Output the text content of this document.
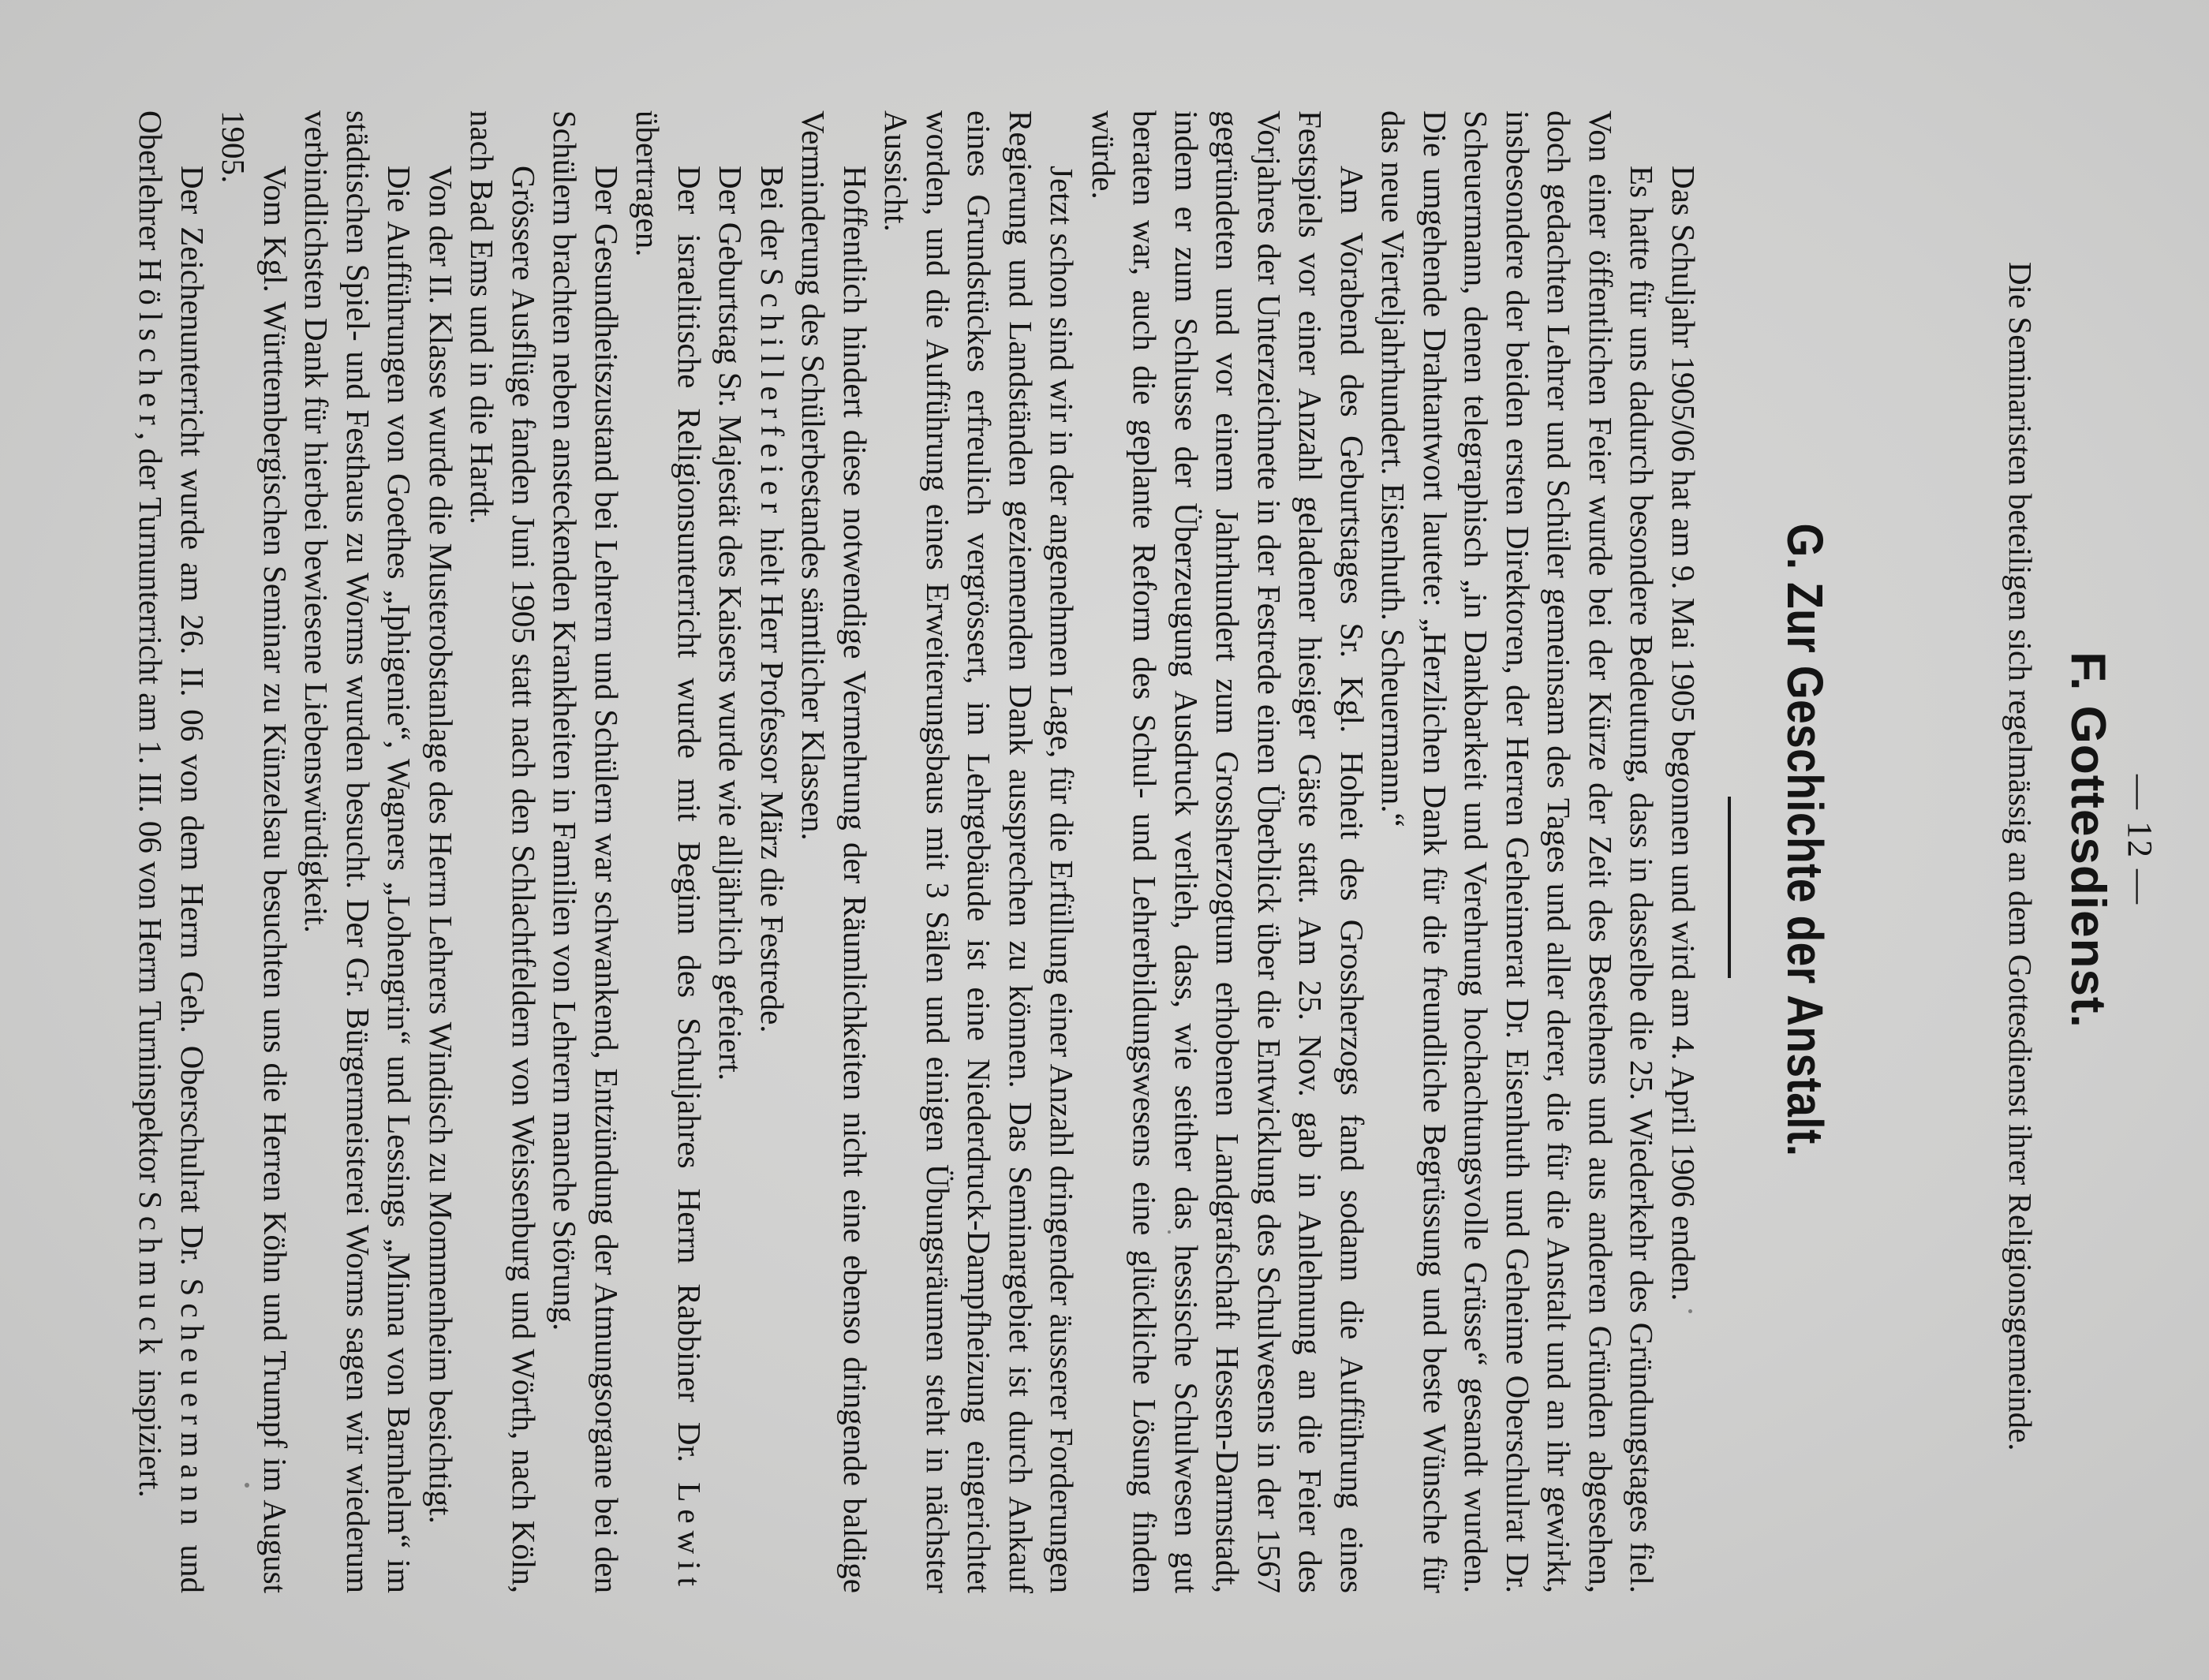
— 12 —
F. Gottesdienst.

Die Seminaristen beteiligen sich regelmässig an dem Gottesdienst ihrer Religionsgemeinde.

G. Zur Geschichte der Anstalt.

Das Schuljahr 1905/06 hat am 9. Mai 1905 begonnen und wird am 4. April 1906 enden.

Es hatte für uns dadurch besondere Bedeutung, dass in dasselbe die 25. Wiederkehr des Gründungstages fiel. Von einer öffentlichen Feier wurde bei der Kürze der Zeit des Bestehens und aus anderen Gründen abgesehen, doch gedachten Lehrer und Schüler gemeinsam des Tages und aller derer, die für die Anstalt und an ihr gewirkt, insbesondere der beiden ersten Direktoren, der Herren Geheimerat Dr. Eisenhuth und Geheime Oberschulrat Dr. Scheuermann, denen telegraphisch „in Dankbarkeit und Verehrung hochachtungsvolle Grüsse“ gesandt wurden. Die umgehende Drahtantwort lautete: „Herzlichen Dank für die freundliche Begrüssung und beste Wünsche für das neue Vierteljahrhundert. Eisenhuth. Scheuermann.“

Am Vorabend des Geburtstages Sr. Kgl. Hoheit des Grossherzogs fand sodann die Aufführung eines Festspiels vor einer Anzahl geladener hiesiger Gäste statt. Am 25. Nov. gab in Anlehnung an die Feier des Vorjahres der Unterzeichnete in der Festrede einen Überblick über die Entwicklung des Schulwesens in der 1567 gegründeten und vor einem Jahrhundert zum Grossherzogtum erhobenen Landgrafschaft Hessen-Darmstadt, indem er zum Schlusse der Überzeugung Ausdruck verlieh, dass, wie seither das hessische Schulwesen gut beraten war, auch die geplante Reform des Schul- und Lehrerbildungswesens eine glückliche Lösung finden würde.

Jetzt schon sind wir in der angenehmen Lage, für die Erfüllung einer Anzahl dringender äusserer Forderungen Regierung und Landständen geziemenden Dank aussprechen zu können. Das Seminargebiet ist durch Ankauf eines Grundstückes erfreulich vergrössert, im Lehrgebäude ist eine Niederdruck-Dampfheizung eingerichtet worden, und die Aufführung eines Erweiterungsbaus mit 3 Sälen und einigen Übungsräumen steht in nächster Aussicht.

Hoffentlich hindert diese notwendige Vermehrung der Räumlichkeiten nicht eine ebenso dringende baldige Verminderung des Schülerbestandes sämtlicher Klassen.

Bei der Schillerfeier hielt Herr Professor März die Festrede.

Der Geburtstag Sr. Majestät des Kaisers wurde wie alljährlich gefeiert.

Der israelitische Religionsunterricht wurde mit Beginn des Schuljahres Herrn Rabbiner Dr. Lewit übertragen.

Der Gesundheitszustand bei Lehrern und Schülern war schwankend, Entzündung der Atmungsorgane bei den Schülern brachten neben ansteckenden Krankheiten in Familien von Lehrern manche Störung.

Grössere Ausflüge fanden Juni 1905 statt nach den Schlachtfeldern von Weissenburg und Wörth, nach Köln, nach Bad Ems und in die Hardt.

Von der II. Klasse wurde die Musterobstanlage des Herrn Lehrers Windisch zu Mommenheim besichtigt.

Die Aufführungen von Goethes „Iphigenie“, Wagners „Lohengrin“ und Lessings „Minna von Barnhelm“ im städtischen Spiel- und Festhaus zu Worms wurden besucht. Der Gr. Bürgermeisterei Worms sagen wir wiederum verbindlichsten Dank für hierbei bewiesene Liebenswürdigkeit.

Vom Kgl. Württembergischen Seminar zu Künzelsau besuchten uns die Herren Köhn und Trumpf im August 1905.

Der Zeichenunterricht wurde am 26. II. 06 von dem Herrn Geh. Oberschulrat Dr. Scheuermann und Oberlehrer Hölscher, der Turnunterricht am 1. III. 06 von Herrn Turninspektor Schmuck inspiziert.
